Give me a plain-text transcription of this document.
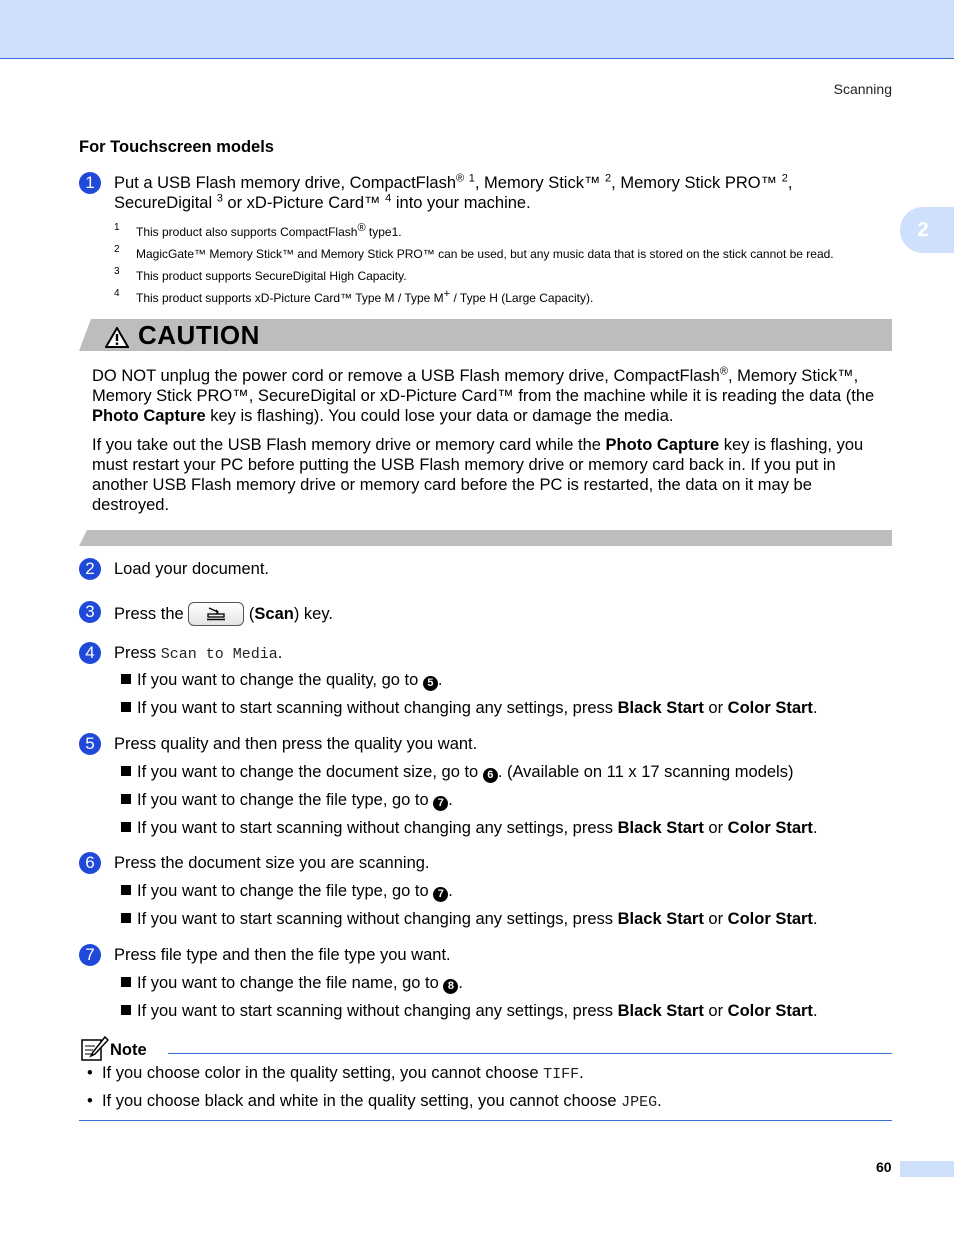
Scanning
2
For Touchscreen models
1	Put a USB Flash memory drive, CompactFlash® $^1$, Memory Stick™ $^2$, Memory Stick PRO™ $^2$,
SecureDigital $^3$ or xD-Picture Card™ $^4$ into your machine.
1 This product also supports CompactFlash® type1.
2 MagicGate™ Memory Stick™ and Memory Stick PRO™ can be used, but any music data that is stored on the stick cannot be read.
3 This product supports SecureDigital High Capacity.
4 This product supports xD-Picture Card™ Type M / Type M+ / Type H (Large Capacity).
CAUTION
DO NOT unplug the power cord or remove a USB Flash memory drive, CompactFlash®, Memory Stick™,
Memory Stick PRO™, SecureDigital or xD-Picture Card™ from the machine while it is reading the data (the
Photo Capture key is flashing). You could lose your data or damage the media.
If you take out the USB Flash memory drive or memory card while the Photo Capture key is flashing, you
must restart your PC before putting the USB Flash memory drive or memory card back in. If you put in
another USB Flash memory drive or memory card before the PC is restarted, the data on it may be
destroyed.
2	Load your document.
3	Press the	(Scan) key.
4	Press Scan to Media.
If you want to change the quality, go to 5 .
If you want to start scanning without changing any settings, press Black Start or Color Start.
5	Press quality and then press the quality you want.
If you want to change the document size, go to 6 . (Available on 11 x 17 scanning models)
If you want to change the file type, go to 7 .
If you want to start scanning without changing any settings, press Black Start or Color Start.
6	Press the document size you are scanning.
If you want to change the file type, go to 7 .
If you want to start scanning without changing any settings, press Black Start or Color Start.
7	Press file type and then the file type you want.
If you want to change the file name, go to 8 .
If you want to start scanning without changing any settings, press Black Start or Color Start.
Note
• If you choose color in the quality setting, you cannot choose TIFF.
• If you choose black and white in the quality setting, you cannot choose JPEG.
60
